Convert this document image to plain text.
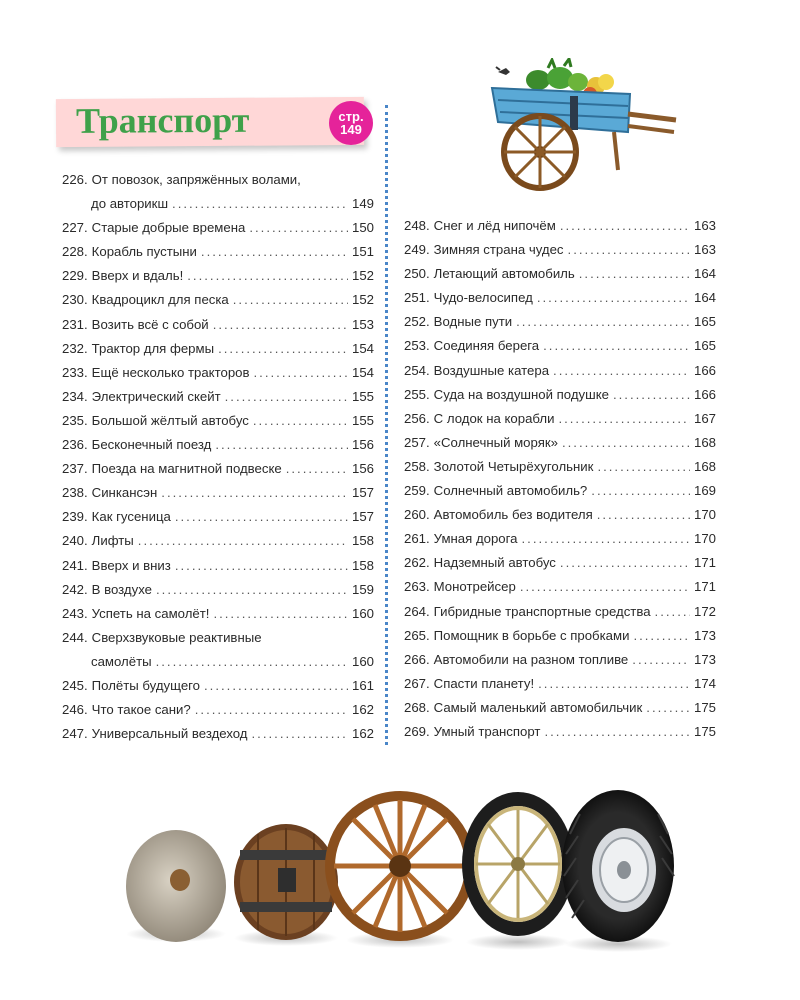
Транспорт	стр.
149
226. От повозок, запряжённых волами,
до авторикш .....	149
227. Старые добрые времена .....	150
228. Корабль пустыни .....	151
229. Вверх и вдаль! .....	152
230. Квадроцикл для песка .....	152
231. Возить всё с собой .....	153
232. Трактор для фермы .....	154
233. Ещё несколько тракторов .....	154
234. Электрический скейт .....	155
235. Большой жёлтый автобус .....	155
236. Бесконечный поезд .....	156
237. Поезда на магнитной подвеске .....	156
238. Синкансэн .....	157
239. Как гусеница .....	157
240. Лифты .....	158
241. Вверх и вниз .....	158
242. В воздухе .....	159
243. Успеть на самолёт! .....	160
244. Сверхзвуковые реактивные
самолёты .....	160
245. Полёты будущего .....	161
246. Что такое сани? .....	162
247. Универсальный вездеход .....	162
248. Снег и лёд нипочём .....	163
249. Зимняя страна чудес .....	163
250. Летающий автомобиль .....	164
251. Чудо-велосипед .....	164
252. Водные пути .....	165
253. Соединяя берега .....	165
254. Воздушные катера .....	166
255. Суда на воздушной подушке .....	166
256. С лодок на корабли .....	167
257. «Солнечный моряк» .....	168
258. Золотой Четырёхугольник .....	168
259. Солнечный автомобиль? .....	169
260. Автомобиль без водителя .....	170
261. Умная дорога .....	170
262. Надземный автобус .....	171
263. Монотрейсер .....	171
264. Гибридные транспортные средства .....	172
265. Помощник в борьбе с пробками .....	173
266. Автомобили на разном топливе .....	173
267. Спасти планету! .....	174
268. Самый маленький автомобильчик .....	175
269. Умный транспорт .....	175
